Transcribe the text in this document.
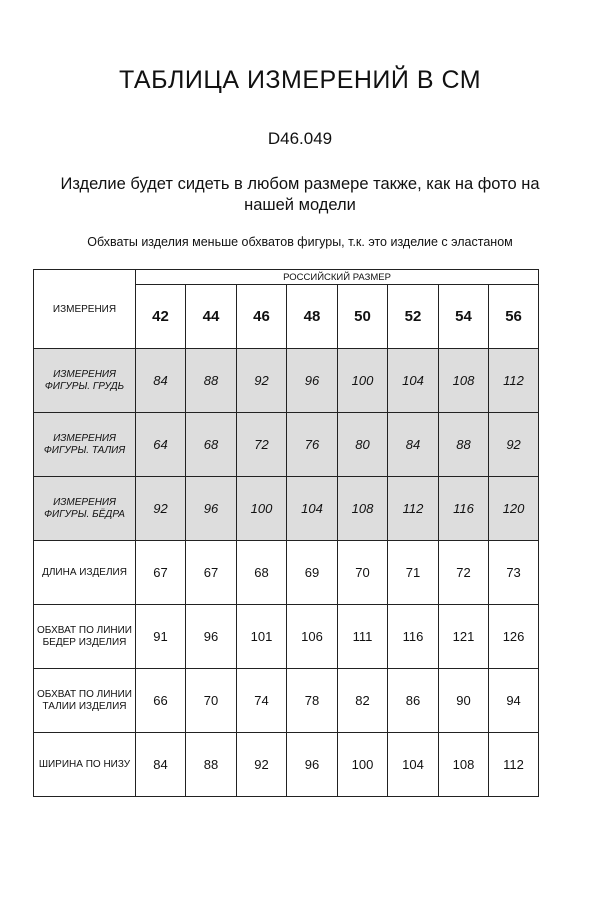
ТАБЛИЦА ИЗМЕРЕНИЙ В СМ
D46.049
Изделие будет сидеть в любом размере также, как на фото на нашей модели
Обхваты изделия меньше обхватов фигуры, т.к. это изделие с эластаном
ИЗМЕРЕНИЯ	РОССИЙСКИЙ РАЗМЕР							
	42	44	46	48	50	52	54	56
ИЗМЕРЕНИЯ ФИГУРЫ. ГРУДЬ	84	88	92	96	100	104	108	112
ИЗМЕРЕНИЯ ФИГУРЫ. ТАЛИЯ	64	68	72	76	80	84	88	92
ИЗМЕРЕНИЯ ФИГУРЫ. БЁДРА	92	96	100	104	108	112	116	120
ДЛИНА ИЗДЕЛИЯ	67	67	68	69	70	71	72	73
ОБХВАТ ПО ЛИНИИ БЕДЕР ИЗДЕЛИЯ	91	96	101	106	111	116	121	126
ОБХВАТ ПО ЛИНИИ ТАЛИИ ИЗДЕЛИЯ	66	70	74	78	82	86	90	94
ШИРИНА ПО НИЗУ	84	88	92	96	100	104	108	112
